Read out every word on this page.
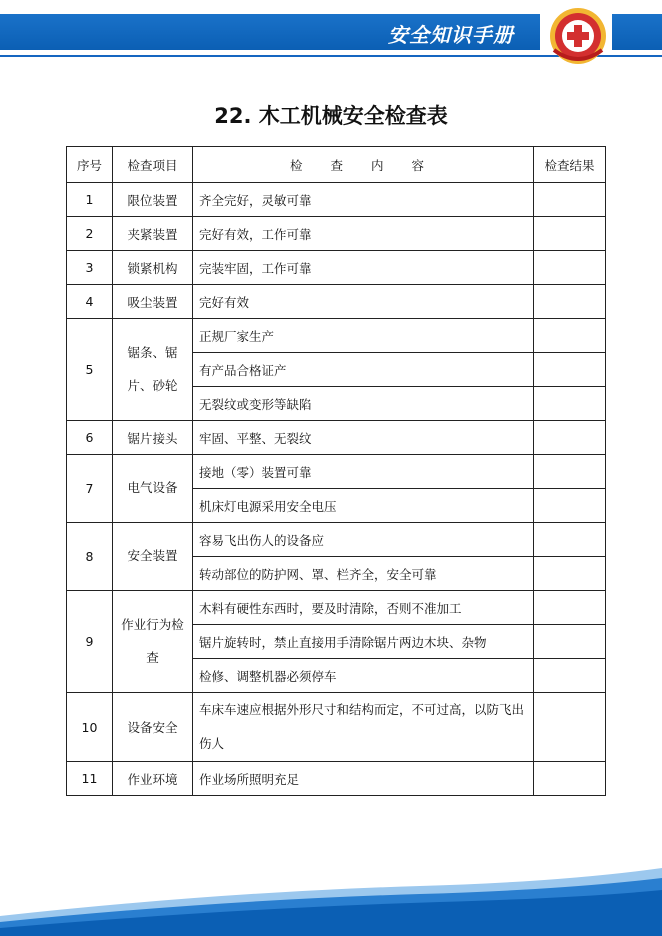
安全知识手册
22. 木工机械安全检查表
序号	检查项目	检 查 内 容	检查结果
1	限位装置	齐全完好，灵敏可靠	
2	夹紧装置	完好有效，工作可靠	
3	锁紧机构	完装牢固，工作可靠	
4	吸尘装置	完好有效	
5	锯条、锯片、砂轮	正规厂家生产	
		有产品合格证产	
		无裂纹或变形等缺陷	
6	锯片接头	牢固、平整、无裂纹	
7	电气设备	接地（零）装置可靠	
		机床灯电源采用安全电压	
8	安全装置	容易飞出伤人的设备应	
		转动部位的防护网、罩、栏齐全，安全可靠	
9	作业行为检查	木料有硬性东西时，要及时清除，否则不准加工	
		锯片旋转时，禁止直接用手清除锯片两边木块、杂物	
		检修、调整机器必须停车	
10	设备安全	车床车速应根据外形尺寸和结构而定，不可过高，以防飞出伤人	
11	作业环境	作业场所照明充足	
